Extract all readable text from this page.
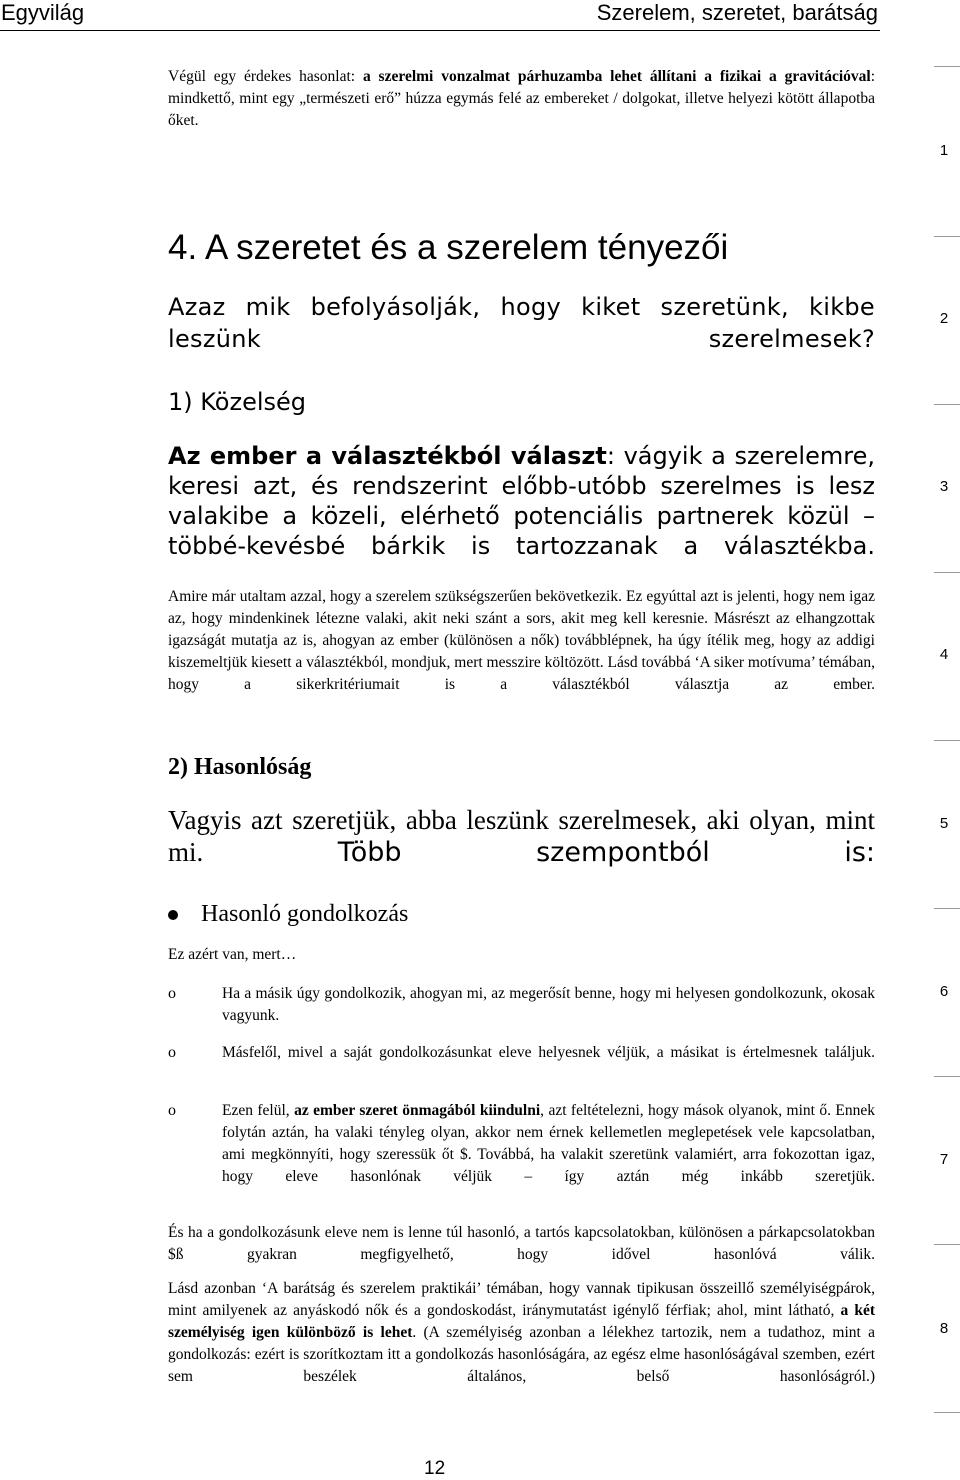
Egyvilág	Szerelem, szeretet, barátság

Végül egy érdekes hasonlat: a szerelmi vonzalmat párhuzamba lehet állítani a fizikai a gravitációval: mindkettő, mint egy „természeti erő” húzza egymás felé az embereket / dolgokat, illetve helyezi kötött állapotba őket.

4. A szeretet és a szerelem tényezői

Azaz mik befolyásolják, hogy kiket szeretünk, kikbe leszünk szerelmesek?

1) Közelség

Az ember a választékból választ: vágyik a szerelemre, keresi azt, és rendszerint előbb-utóbb szerelmes is lesz valakibe a közeli, elérhető potenciális partnerek közül – többé-kevésbé bárkik is tartozzanak a választékba.

Amire már utaltam azzal, hogy a szerelem szükségszerűen bekövetkezik. Ez egyúttal azt is jelenti, hogy nem igaz az, hogy mindenkinek létezne valaki, akit neki szánt a sors, akit meg kell keresnie. Másrészt az elhangzottak igazságát mutatja az is, ahogyan az ember (különösen a nők) továbblépnek, ha úgy ítélik meg, hogy az addigi kiszemeltjük kiesett a választékból, mondjuk, mert messzire költözött. Lásd továbbá ‘A siker motívuma’ témában, hogy a sikerkritériumait is a választékból választja az ember.

2) Hasonlóság

Vagyis azt szeretjük, abba leszünk szerelmesek, aki olyan, mint mi. Több szempontból is:

Hasonló gondolkozás

Ez azért van, mert…

o	Ha a másik úgy gondolkozik, ahogyan mi, az megerősít benne, hogy mi helyesen gondolkozunk, okosak vagyunk.

o	Másfelől, mivel a saját gondolkozásunkat eleve helyesnek véljük, a másikat is értelmesnek találjuk.

o	Ezen felül, az ember szeret önmagából kiindulni, azt feltételezni, hogy mások olyanok, mint ő. Ennek folytán aztán, ha valaki tényleg olyan, akkor nem érnek kellemetlen meglepetések vele kapcsolatban, ami megkönnyíti, hogy szeressük őt $. Továbbá, ha valakit szeretünk valamiért, arra fokozottan igaz, hogy eleve hasonlónak véljük – így aztán még inkább szeretjük.

És ha a gondolkozásunk eleve nem is lenne túl hasonló, a tartós kapcsolatokban, különösen a párkapcsolatokban $ß gyakran megfigyelhető, hogy idővel hasonlóvá válik.

Lásd azonban ‘A barátság és szerelem praktikái’ témában, hogy vannak tipikusan összeillő személyiségpárok, mint amilyenek az anyáskodó nők és a gondoskodást, iránymutatást igénylő férfiak; ahol, mint látható, a két személyiség igen különböző is lehet. (A személyiség azonban a lélekhez tartozik, nem a tudathoz, mint a gondolkozás: ezért is szorítkoztam itt a gondolkozás hasonlóságára, az egész elme hasonlóságával szemben, ezért sem beszélek általános, belső hasonlóságról.)

1
2
3
4
5
6
7
8
12
